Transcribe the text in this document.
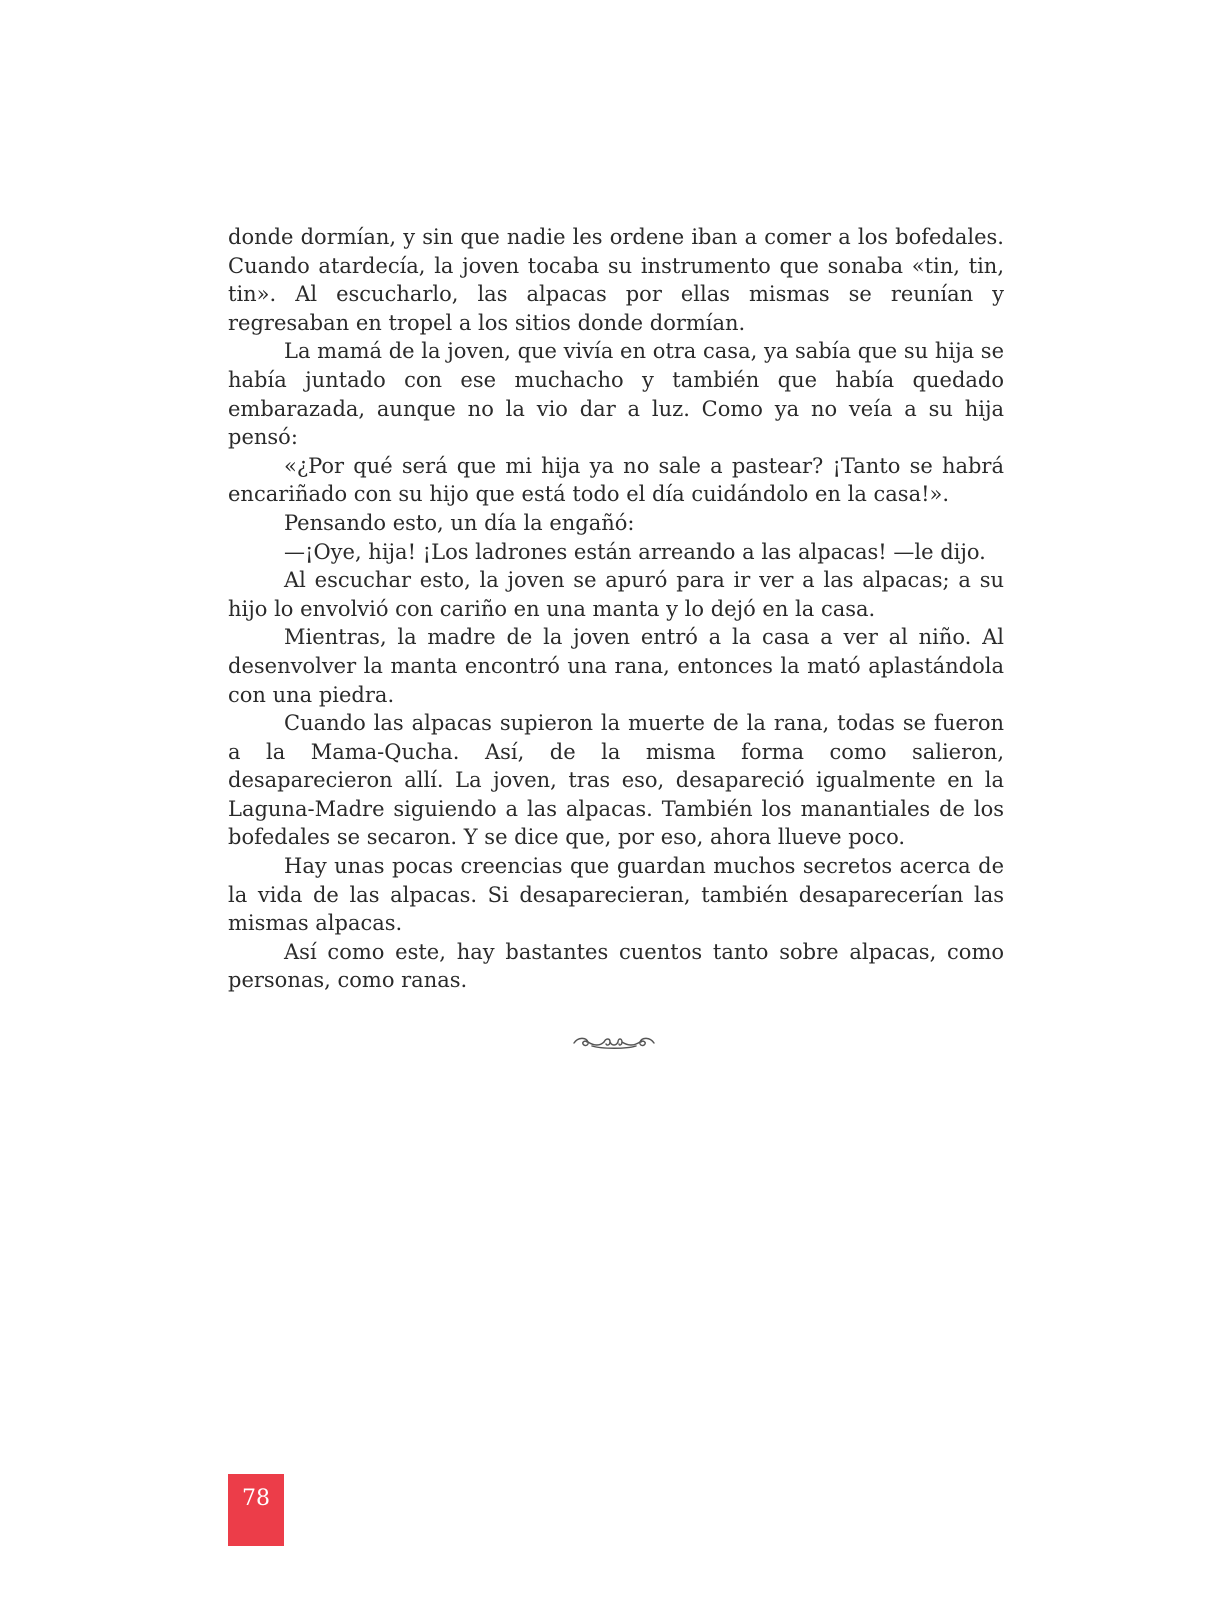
donde dormían, y sin que nadie les ordene iban a comer a los bofedales. Cuando atardecía, la joven tocaba su instrumento que sonaba «tin, tin, tin». Al escucharlo, las alpacas por ellas mismas se reunían y regresaban en tropel a los sitios donde dormían.

La mamá de la joven, que vivía en otra casa, ya sabía que su hija se había juntado con ese muchacho y también que había quedado embarazada, aunque no la vio dar a luz. Como ya no veía a su hija pensó:

«¿Por qué será que mi hija ya no sale a pastear? ¡Tanto se habrá encariñado con su hijo que está todo el día cuidándolo en la casa!».

Pensando esto, un día la engañó:

—¡Oye, hija! ¡Los ladrones están arreando a las alpacas! —le dijo.

Al escuchar esto, la joven se apuró para ir ver a las alpacas; a su hijo lo envolvió con cariño en una manta y lo dejó en la casa.

Mientras, la madre de la joven entró a la casa a ver al niño. Al desenvolver la manta encontró una rana, entonces la mató aplastándola con una piedra.

Cuando las alpacas supieron la muerte de la rana, todas se fueron a la Mama-Qucha. Así, de la misma forma como salieron, desaparecieron allí. La joven, tras eso, desapareció igualmente en la Laguna-Madre siguiendo a las alpacas. También los manantiales de los bofedales se secaron. Y se dice que, por eso, ahora llueve poco.

Hay unas pocas creencias que guardan muchos secretos acerca de la vida de las alpacas. Si desaparecieran, también desaparecerían las mismas alpacas.

Así como este, hay bastantes cuentos tanto sobre alpacas, como personas, como ranas.

78
